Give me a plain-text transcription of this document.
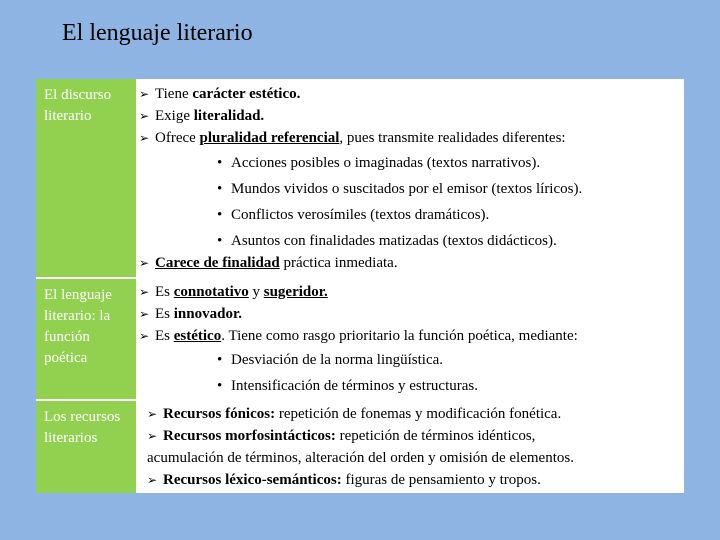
El lenguaje literario
El discurso literario
➢ Tiene carácter estético.
➢ Exige literalidad.
➢ Ofrece pluralidad referencial, pues transmite realidades diferentes:
• Acciones posibles o imaginadas (textos narrativos).
• Mundos vividos o suscitados por el emisor (textos líricos).
• Conflictos verosímiles (textos dramáticos).
• Asuntos con finalidades matizadas (textos didácticos).
➢ Carece de finalidad práctica inmediata.
El lenguaje literario: la función poética
➢ Es connotativo y sugeridor.
➢ Es innovador.
➢ Es estético. Tiene como rasgo prioritario la función poética, mediante:
• Desviación de la norma lingüística.
• Intensificación de términos y estructuras.
Los recursos literarios
➢ Recursos fónicos: repetición de fonemas y modificación fonética.
➢ Recursos morfosintácticos: repetición de términos idénticos,
acumulación de términos, alteración del orden y omisión de elementos.
➢ Recursos léxico-semánticos: figuras de pensamiento y tropos.
